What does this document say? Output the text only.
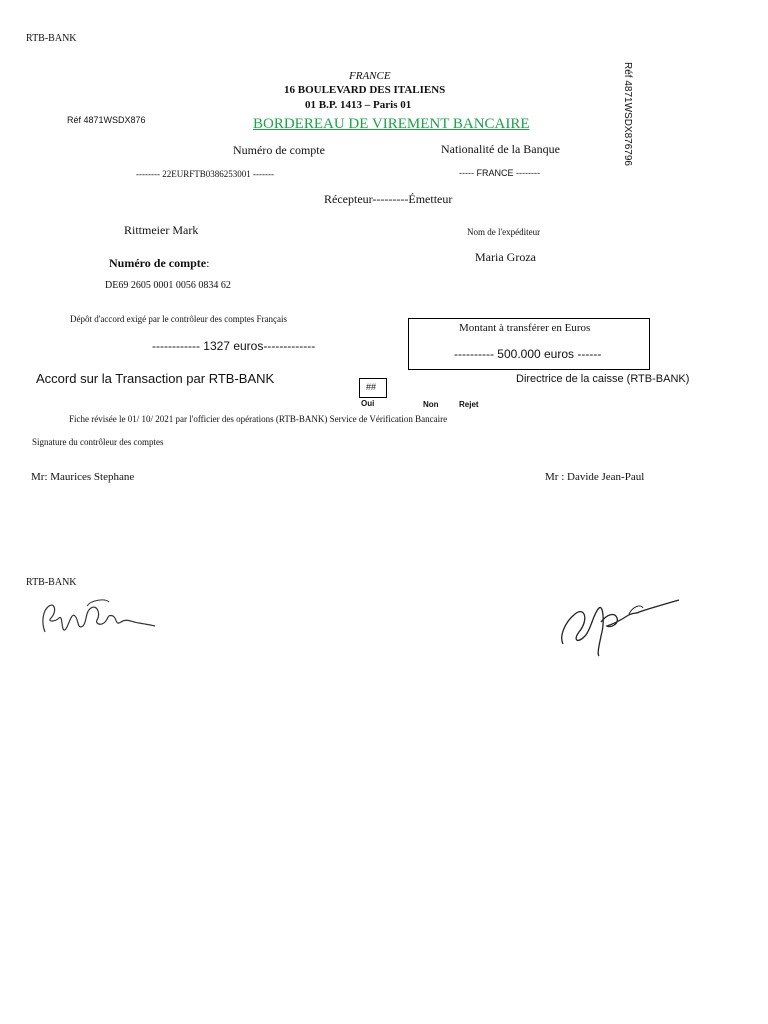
RTB-BANK
FRANCE
16 BOULEVARD DES ITALIENS
01 B.P. 1413 – Paris 01
Réf 4871WSDX876	BORDEREAU DE VIREMENT BANCAIRE	Réf 4871WSDX876796
Numéro de compte	Nationalité de la Banque
-------- 22EURFTB0386253001 -------	----- FRANCE --------
Récepteur---------Émetteur
Rittmeier Mark	Nom de l'expéditeur
Maria Groza
Numéro de compte:
DE69 2605 0001 0056 0834 62
Dépôt d'accord exigé par le contrôleur des comptes Français
------------ 1327 euros-------------
Montant à transférer en Euros
---------- 500.000 euros ------
Accord sur la Transaction par RTB-BANK
##
Oui	Non	Rejet
Directrice de la caisse (RTB-BANK)
Fiche révisée le 01/ 10/ 2021 par l'officier des opérations (RTB-BANK) Service de Vérification Bancaire
Signature du contrôleur des comptes
Mr: Maurices Stephane	Mr : Davide Jean-Paul
RTB-BANK
